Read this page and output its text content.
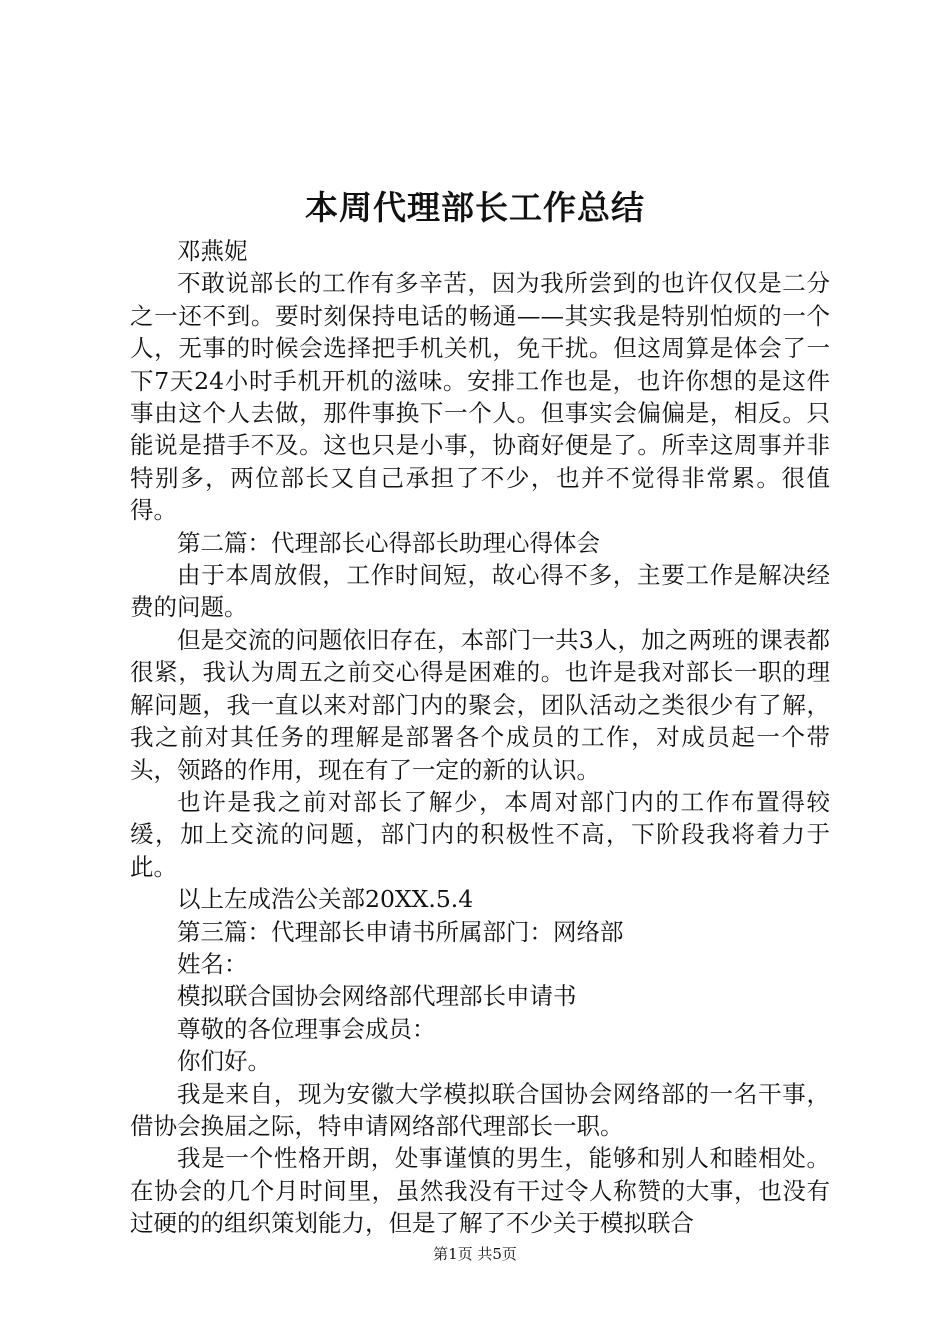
本周代理部长工作总结

邓燕妮

不敢说部长的工作有多辛苦，因为我所尝到的也许仅仅是二分之一还不到。要时刻保持电话的畅通——其实我是特别怕烦的一个人，无事的时候会选择把手机关机，免干扰。但这周算是体会了一下7天24小时手机开机的滋味。安排工作也是，也许你想的是这件事由这个人去做，那件事换下一个人。但事实会偏偏是，相反。只能说是措手不及。这也只是小事，协商好便是了。所幸这周事并非特别多，两位部长又自己承担了不少，也并不觉得非常累。很值得。

第二篇：代理部长心得部长助理心得体会

由于本周放假，工作时间短，故心得不多，主要工作是解决经费的问题。

但是交流的问题依旧存在，本部门一共3人，加之两班的课表都很紧，我认为周五之前交心得是困难的。也许是我对部长一职的理解问题，我一直以来对部门内的聚会，团队活动之类很少有了解，我之前对其任务的理解是部署各个成员的工作，对成员起一个带头，领路的作用，现在有了一定的新的认识。

也许是我之前对部长了解少，本周对部门内的工作布置得较缓，加上交流的问题，部门内的积极性不高，下阶段我将着力于此。

以上左成浩公关部20XX.5.4

第三篇：代理部长申请书所属部门：网络部

姓名：

模拟联合国协会网络部代理部长申请书

尊敬的各位理事会成员：

你们好。

我是来自，现为安徽大学模拟联合国协会网络部的一名干事，借协会换届之际，特申请网络部代理部长一职。

我是一个性格开朗，处事谨慎的男生，能够和别人和睦相处。在协会的几个月时间里，虽然我没有干过令人称赞的大事，也没有过硬的的组织策划能力，但是了解了不少关于模拟联合

第1页 共5页
